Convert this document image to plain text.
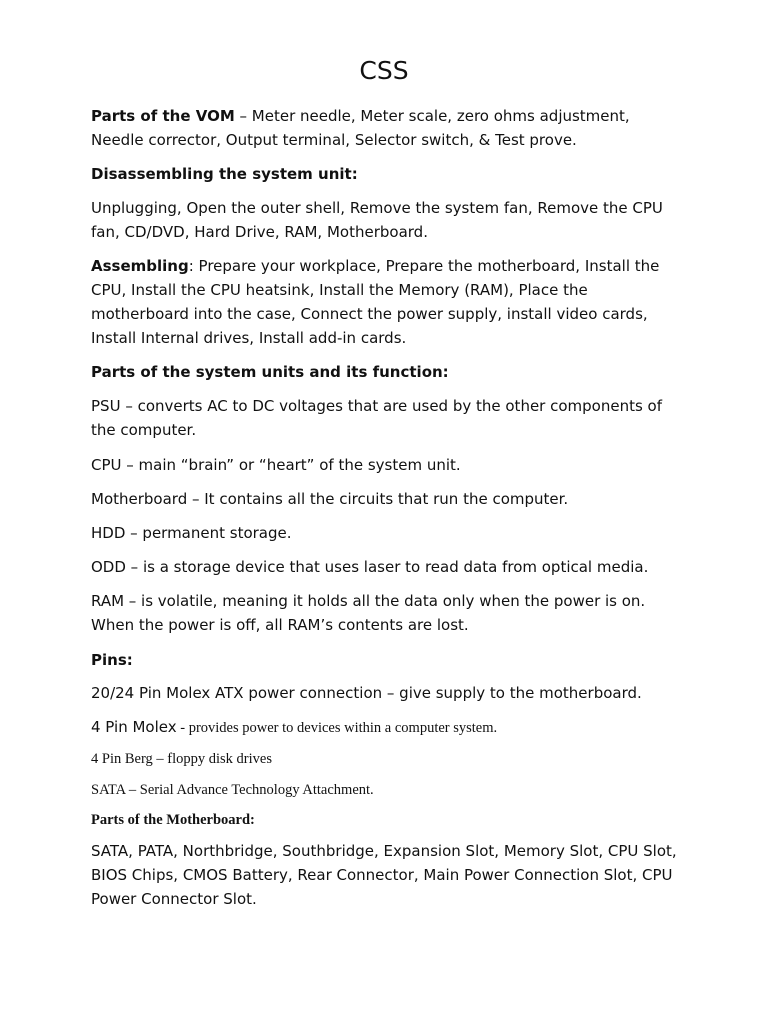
CSS

Parts of the VOM – Meter needle, Meter scale, zero ohms adjustment, Needle corrector, Output terminal, Selector switch, & Test prove.

Disassembling the system unit:

Unplugging, Open the outer shell, Remove the system fan, Remove the CPU fan, CD/DVD, Hard Drive, RAM, Motherboard.

Assembling: Prepare your workplace, Prepare the motherboard, Install the CPU, Install the CPU heatsink, Install the Memory (RAM), Place the motherboard into the case, Connect the power supply, install video cards, Install Internal drives, Install add-in cards.

Parts of the system units and its function:

PSU – converts AC to DC voltages that are used by the other components of the computer.

CPU – main “brain” or “heart” of the system unit.

Motherboard – It contains all the circuits that run the computer.

HDD – permanent storage.

ODD – is a storage device that uses laser to read data from optical media.

RAM – is volatile, meaning it holds all the data only when the power is on. When the power is off, all RAM’s contents are lost.

Pins:

20/24 Pin Molex ATX power connection – give supply to the motherboard.

4 Pin Molex - provides power to devices within a computer system.

4 Pin Berg – floppy disk drives

SATA – Serial Advance Technology Attachment.

Parts of the Motherboard:

SATA, PATA, Northbridge, Southbridge, Expansion Slot, Memory Slot, CPU Slot, BIOS Chips, CMOS Battery, Rear Connector, Main Power Connection Slot, CPU Power Connector Slot.
